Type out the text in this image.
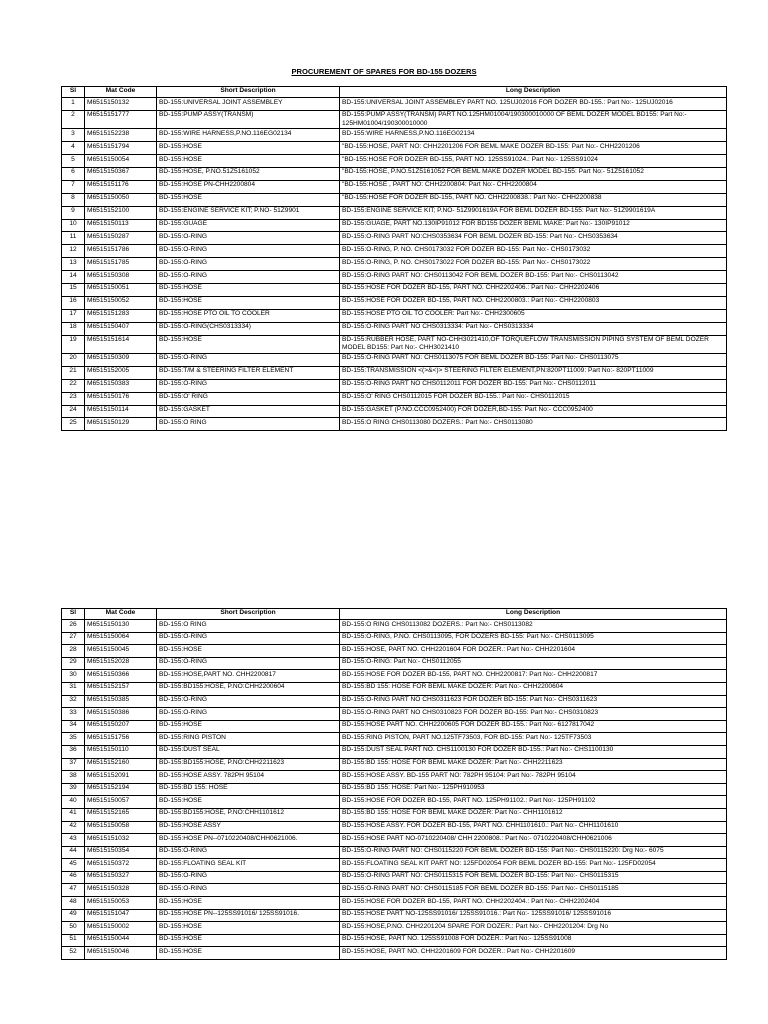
PROCUREMENT OF SPARES FOR BD-155 DOZERS
Sl	Mat Code	Short Description	Long Description
1	M6515150132	BD-155:UNIVERSAL JOINT ASSEMBLEY	BD-155:UNIVERSAL JOINT ASSEMBLEY PART NO. 125UJ02016 FOR DOZER BD-155.: Part No:- 125UJ02016
2	M6515151777	BD-155:PUMP ASSY(TRANSM)	BD-155:PUMP ASSY(TRANSM) PART NO.125HM01004/190300010000 OF BEML DOZER MODEL BD155: Part No:- 125HM01004/190300010000
3	M6515152238	BD-155:WIRE HARNESS,P.NO.116EG02134	BD-155:WIRE HARNESS,P.NO.116EG02134
4	M6515151794	BD-155:HOSE	"BD-155:HOSE, PART NO: CHH2201206 FOR BEML MAKE DOZER BD-155: Part No:- CHH2201206
5	M6515150054	BD-155:HOSE	"BD-155:HOSE FOR DOZER BD-155, PART NO. 125SS91024.: Part No:- 125SS91024
6	M6515150367	BD-155:HOSE, P.NO.51Z5161052	"BD-155:HOSE, P.NO.51Z5161052 FOR BEML MAKE DOZER MODEL BD-155: Part No:- 51Z5161052
7	M6515151176	BD-155:HOSE PN-CHH2200804	"BD-155:HOSE , PART NO: CHH2200804: Part No:- CHH2200804
8	M6515150050	BD-155:HOSE	"BD-155:HOSE FOR DOZER BD-155, PART NO. CHH2200838.: Part No:- CHH2200838
9	M6515152100	BD-155:ENGINE SERVICE KIT; P.NO- 51Z9901	BD-155:ENGINE SERVICE KIT; P.NO- 51Z9901619A FOR BEML DOZER BD-155: Part No:- 51Z9901619A
10	M6515150113	BD-155:GUAGE	BD-155:GUAGE, PART NO.130IP91012 FOR BD155 DOZER BEML MAKE: Part No:- 130IP91012
11	M6515150287	BD-155:O-RING	BD-155:O-RING PART NO:CHS0353634 FOR BEML DOZER BD-155: Part No:- CHS0353634
12	M6515151786	BD-155:O-RING	BD-155:O-RING, P. NO. CHS0173032 FOR DOZER BD-155: Part No:- CHS0173032
13	M6515151785	BD-155:O-RING	BD-155:O-RING, P. NO. CHS0173022 FOR DOZER BD-155: Part No:- CHS0173022
14	M6515150308	BD-155:O-RING	BD-155:O-RING PART NO: CHS0113042 FOR BEML DOZER BD-155: Part No:- CHS0113042
15	M6515150051	BD-155:HOSE	BD-155:HOSE FOR DOZER BD-155, PART NO. CHH2202406.: Part No:- CHH2202406
16	M6515150052	BD-155:HOSE	BD-155:HOSE FOR DOZER BD-155, PART NO. CHH2200803.: Part No:- CHH2200803
17	M6515151283	BD-155:HOSE PTO OIL TO COOLER	BD-155:HOSE PTO OIL TO COOLER: Part No:- CHH2300605
18	M6515150407	BD-155:O-RING(CHS0313334)	BD-155:O-RING PART NO CHS0313334: Part No:- CHS0313334
19	M6515151614	BD-155:HOSE	BD-155:RUBBER HOSE, PART NO-CHH3021410,OF TORQUEFLOW TRANSMISSION PIPING SYSTEM OF BEML DOZER MODEL BD155: Part No:- CHH3021410
20	M6515150309	BD-155:O-RING	BD-155:O-RING PART NO: CHS0113075 FOR BEML DOZER BD-155: Part No:- CHS0113075
21	M6515152005	BD-155:T/M & STEERING FILTER ELEMENT	BD-155:TRANSMISSION <(>&<)> STEERING FILTER ELEMENT,PN:820PT11009: Part No:- 820PT11009
22	M6515150383	BD-155:O-RING	BD-155:O-RING PART NO CHS0112011 FOR DOZER BD-155: Part No:- CHS0112011
23	M6515150176	BD-155:O' RING	BD-155:O' RING CHS0112015 FOR DOZER BD-155.: Part No:- CHS0112015
24	M6515150114	BD-155:GASKET	BD-155:GASKET (P.NO.CCC0952400) FOR DOZER,BD-155: Part No:- CCC0952400
25	M6515150129	BD-155:O RING	BD-155:O RING CHS0113080 DOZERS.: Part No:- CHS0113080
Sl	Mat Code	Short Description	Long Description
26	M6515150130	BD-155:O RING	BD-155:O RING CHS0113082 DOZERS.: Part No:- CHS0113082
27	M6515150064	BD-155:O-RING	BD-155:O-RING, P.NO. CHS0113095, FOR DOZERS BD-155: Part No:- CHS0113095
28	M6515150045	BD-155:HOSE	BD-155:HOSE, PART NO. CHH2201604 FOR DOZER.: Part No:- CHH2201604
29	M6515152028	BD-155:O-RING	BD-155:O-RING: Part No:- CHS0112055
30	M6515150366	BD-155:HOSE,PART NO. CHH2200817	BD-155:HOSE FOR DOZER BD-155, PART NO. CHH2200817: Part No:- CHH2200817
31	M6515152157	BD-155:BD155:HOSE, P.NO:CHH2200604	BD-155:BD 155: HOSE FOR BEML MAKE DOZER: Part No:- CHH2200604
32	M6515150385	BD-155:O-RING	BD-155:O-RING PART NO CHS0311623 FOR DOZER BD-155: Part No:- CHS0311623
33	M6515150386	BD-155:O-RING	BD-155:O-RING PART NO CHS0310823 FOR DOZER BD-155: Part No:- CHS0310823
34	M6515150207	BD-155:HOSE	BD-155:HOSE PART NO. CHH2200605 FOR DOZER BD-155.: Part No:- 6127817042
35	M6515151756	BD-155:RING PISTON	BD-155:RING PISTON, PART NO.125TF73503, FOR BD-155: Part No:- 125TF73503
36	M6515150110	BD-155:DUST SEAL	BD-155:DUST SEAL PART NO. CHS1100130 FOR DOZER BD-155.: Part No:- CHS1100130
37	M6515152160	BD-155:BD155:HOSE, P.NO:CHH2211623	BD-155:BD 155: HOSE FOR BEML MAKE DOZER: Part No:- CHH2211623
38	M6515152091	BD-155:HOSE ASSY. 782PH 95104	BD-155:HOSE ASSY. BD-155 PART NO: 782PH 95104: Part No:- 782PH 95104
39	M6515152194	BD-155:BD 155: HOSE	BD-155:BD 155: HOSE: Part No:- 125PH910953
40	M6515150057	BD-155:HOSE	BD-155:HOSE FOR DOZER BD-155, PART NO. 125PH91102.: Part No:- 125PH91102
41	M6515152165	BD-155:BD155:HOSE, P.NO:CHH1101612	BD-155:BD 155: HOSE FOR BEML MAKE DOZER: Part No:- CHH1101612
42	M6515150058	BD-155:HOSE ASSY	BD-155:HOSE ASSY. FOR DOZER BD-155, PART NO. CHH1101610.: Part No:- CHH1101610
43	M6515151032	BD-155:HOSE PN--0710220408/CHH0621006.	BD-155:HOSE PART NO-0710220408/ CHH 2200808.: Part No:- 0710220408/CHH0621006
44	M6515150354	BD-155:O-RING	BD-155:O-RING PART NO: CHS0115220 FOR BEML DOZER BD-155: Part No:- CHS0115220: Drg No:- 6075
45	M6515150372	BD-155:FLOATING SEAL KIT	BD-155:FLOATING SEAL KIT PART NO: 125FD02054 FOR BEML DOZER BD-155: Part No:- 125FD02054
46	M6515150327	BD-155:O-RING	BD-155:O-RING PART NO: CHS0115315 FOR BEML DOZER BD-155: Part No:- CHS0115315
47	M6515150328	BD-155:O-RING	BD-155:O-RING PART NO: CHS0115185 FOR BEML DOZER BD-155: Part No:- CHS0115185
48	M6515150053	BD-155:HOSE	BD-155:HOSE FOR DOZER BD-155, PART NO. CHH2202404.: Part No:- CHH2202404
49	M6515151047	BD-155:HOSE PN--125SS91016/ 125SS91016.	BD-155:HOSE PART NO-125SS91016/ 125SS91016.: Part No:- 125SS91016/ 125SS91016
50	M6515150002	BD-155:HOSE	BD-155:HOSE,P.NO. CHH2201204 SPARE FOR DOZER.: Part No:- CHH2201204: Drg No
51	M6515150044	BD-155:HOSE	BD-155:HOSE, PART NO. 125SS91008 FOR DOZER.: Part No:- 125SS91008
52	M6515150046	BD-155:HOSE	BD-155:HOSE, PART NO. CHH2201609 FOR DOZER.: Part No:- CHH2201609
